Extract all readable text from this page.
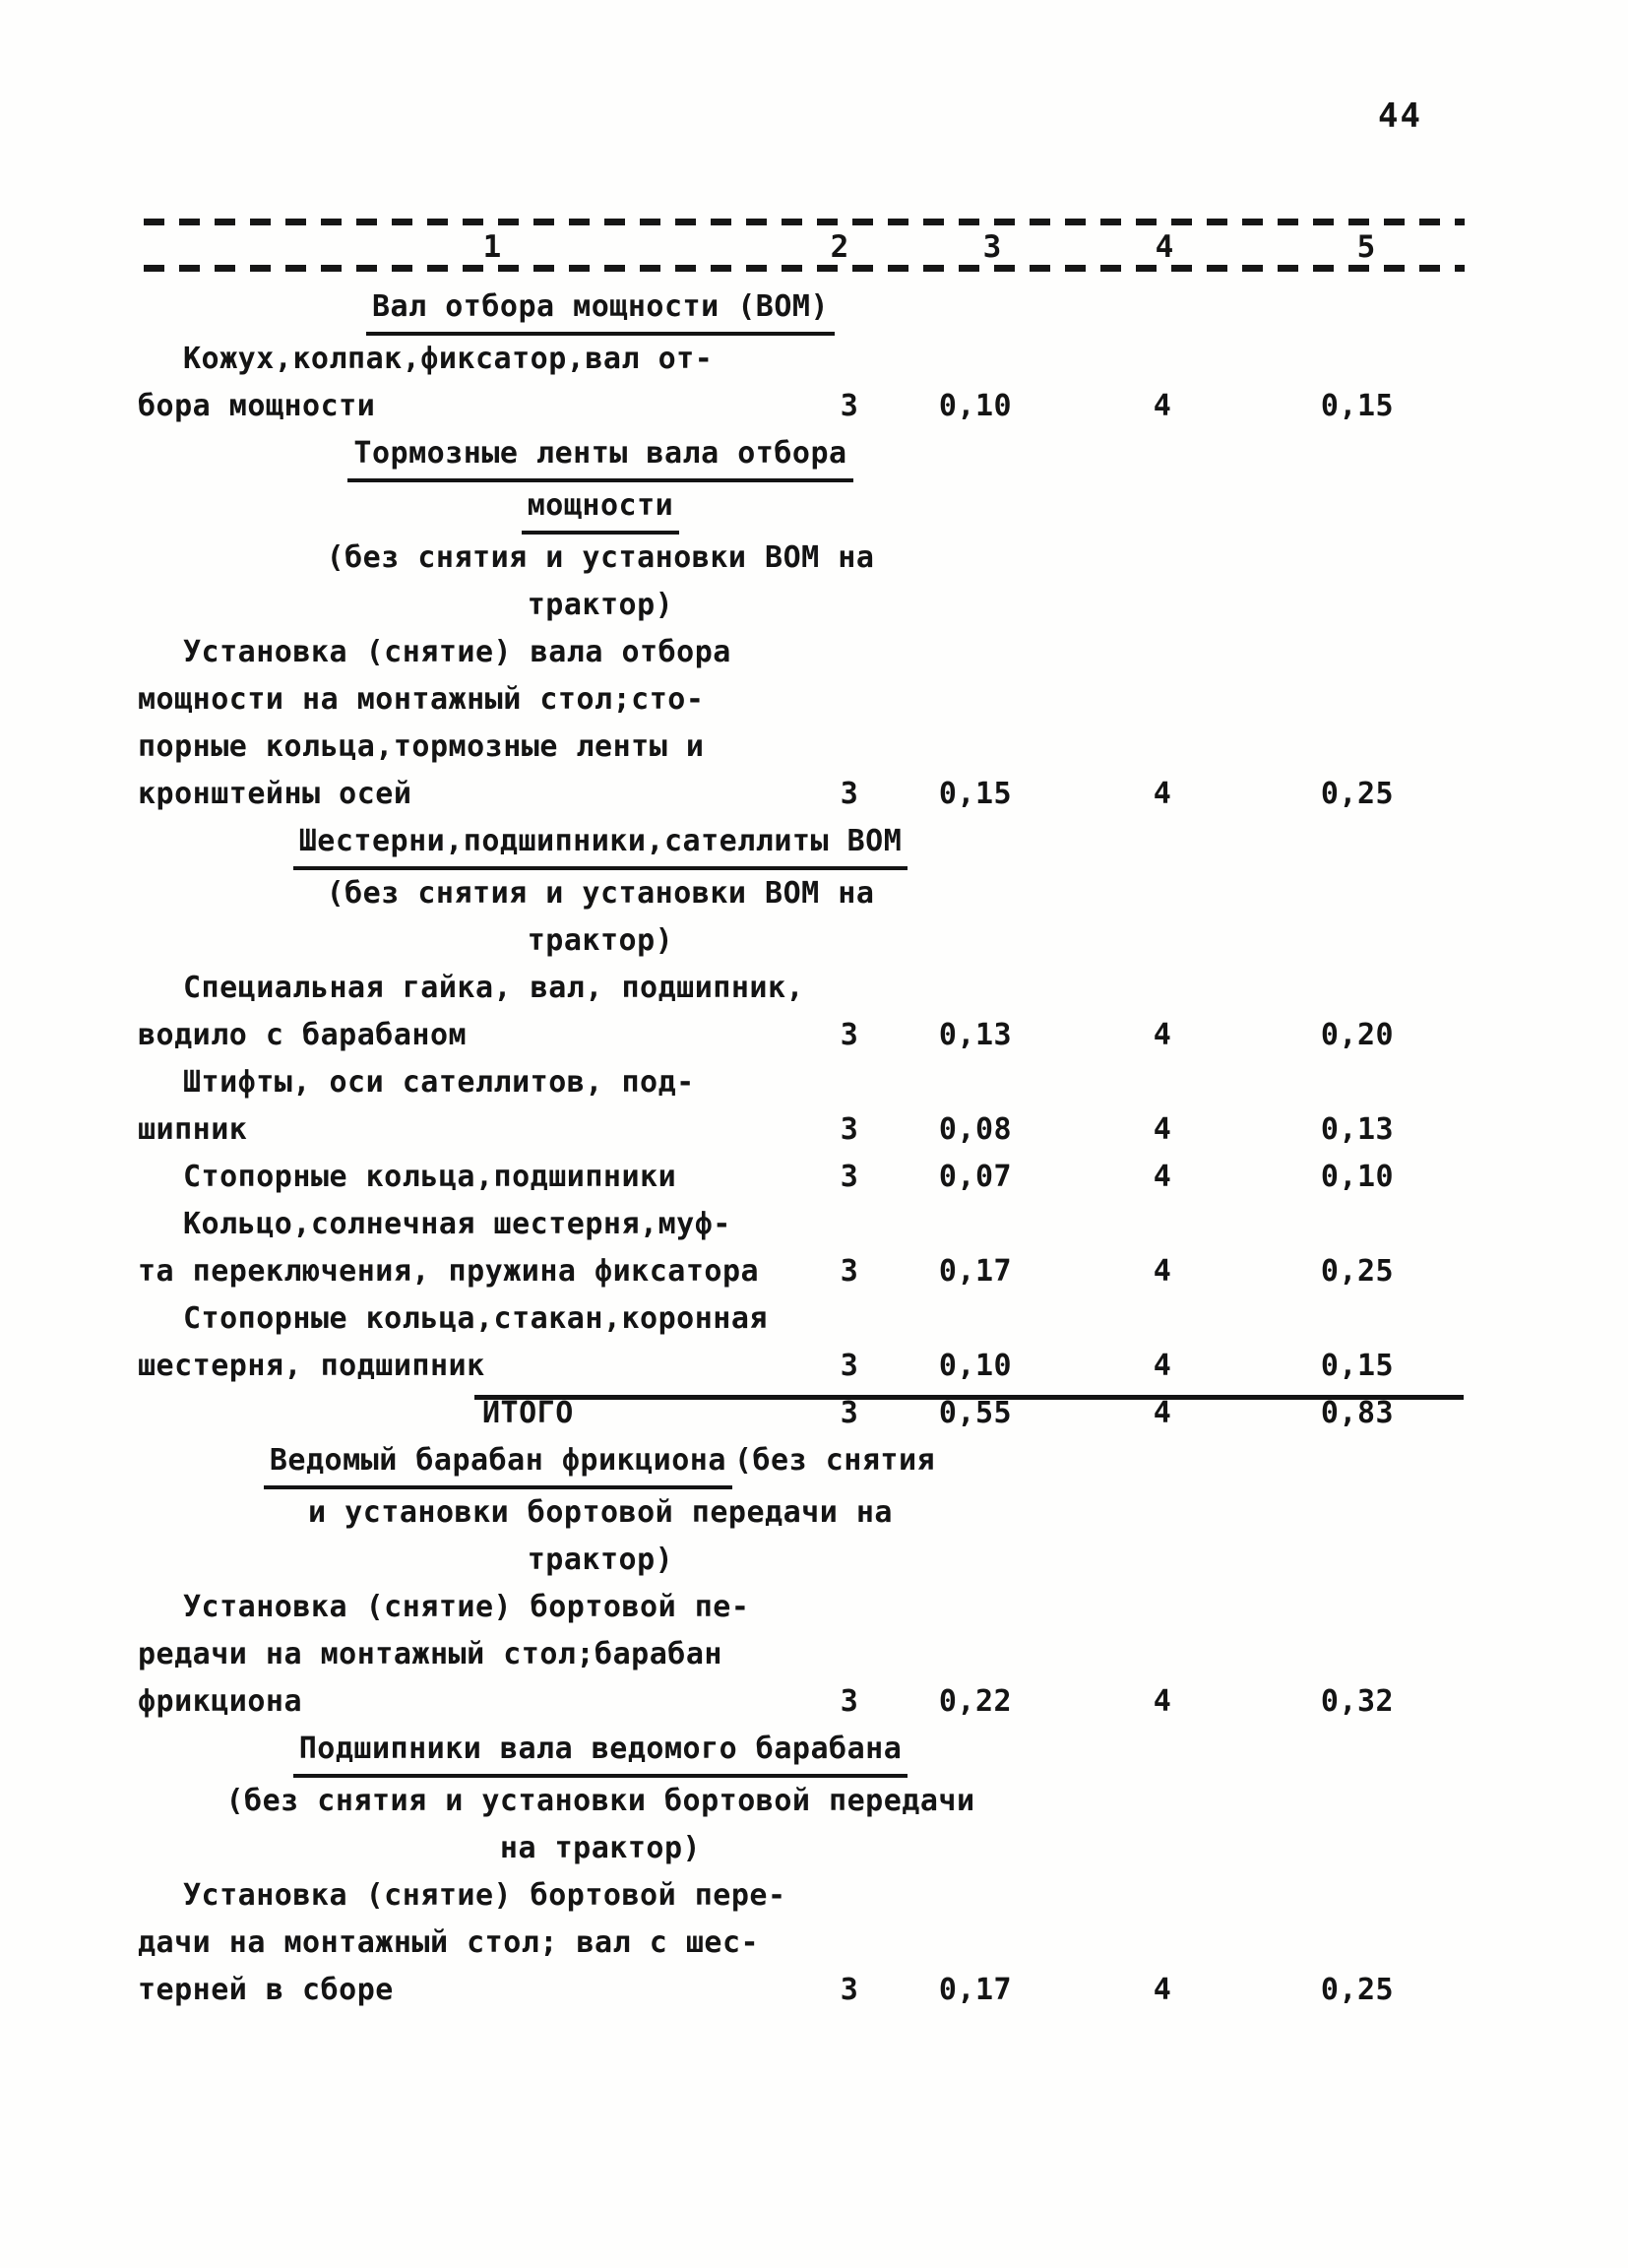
44
1	2	3	4	5
Вал отбора мощности (ВОМ)
Кожух,колпак,фиксатор,вал от-
бора мощности	3	0,10	4	0,15
Тормозные ленты вала отбора
мощности
(без снятия и установки ВОМ на
трактор)
Установка (снятие) вала отбора
мощности на монтажный стол;сто-
порные кольца,тормозные ленты и
кронштейны осей	3	0,15	4	0,25
Шестерни,подшипники,сателлиты ВОМ
(без снятия и установки ВОМ на
трактор)
Специальная гайка, вал, подшипник,
водило с барабаном	3	0,13	4	0,20
Штифты, оси сателлитов, под-
шипник	3	0,08	4	0,13
Стопорные кольца,подшипники	3	0,07	4	0,10
Кольцо,солнечная шестерня,муф-
та переключения, пружина фиксатора	3	0,17	4	0,25
Стопорные кольца,стакан,коронная
шестерня, подшипник	3	0,10	4	0,15
ИТОГО	3	0,55	4	0,83
Ведомый барабан фрикциона(без снятия
и установки бортовой передачи на
трактор)
Установка (снятие) бортовой пе-
редачи на монтажный стол;барабан
фрикциона	3	0,22	4	0,32
Подшипники вала ведомого барабана
(без снятия и установки бортовой передачи
на трактор)
Установка (снятие) бортовой пере-
дачи на монтажный стол; вал с шес-
терней в сборе	3	0,17	4	0,25
